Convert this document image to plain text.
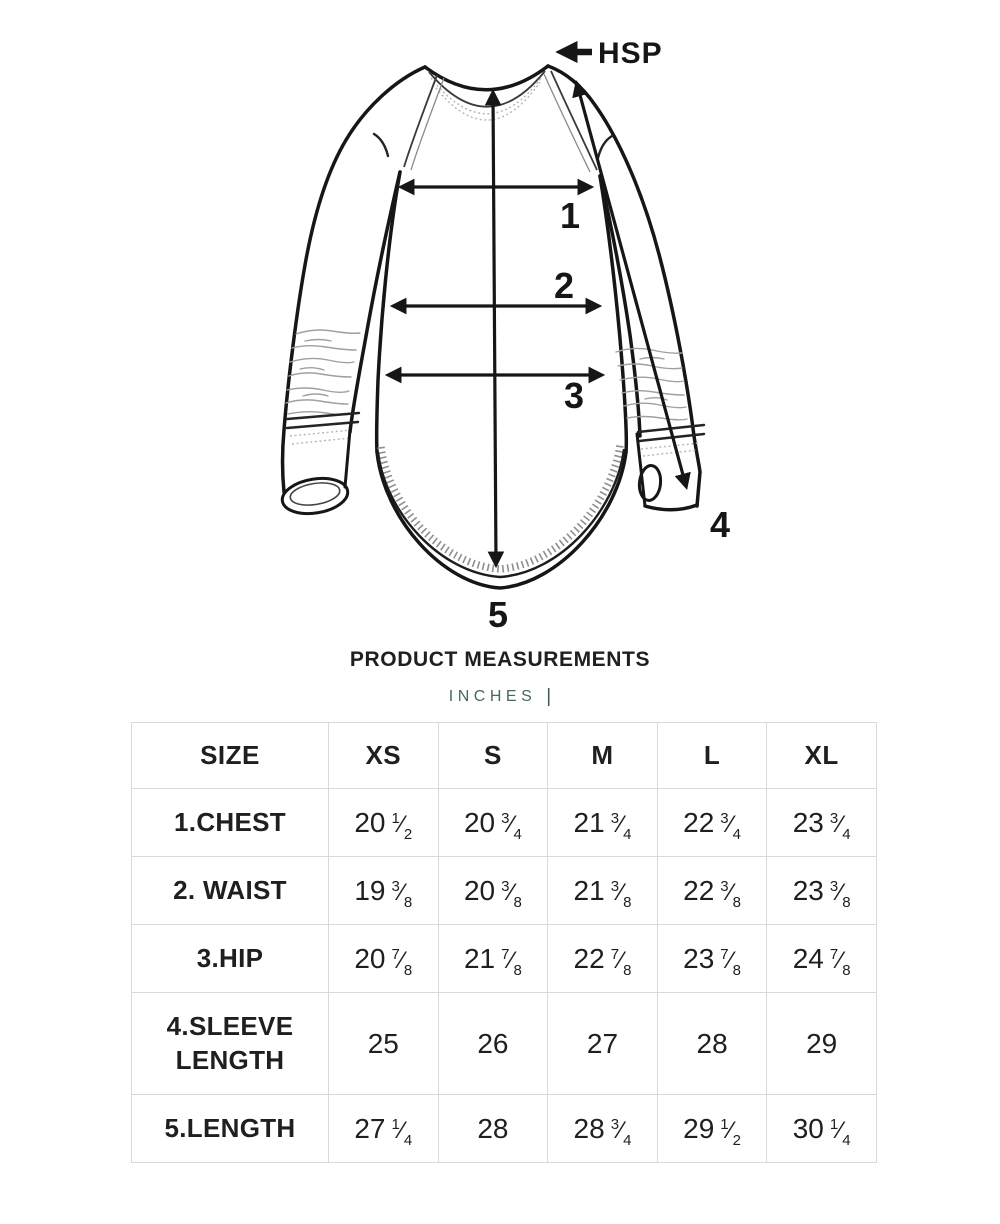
1
2
3
4
5
HSP
PRODUCT MEASUREMENTS
INCHES |
SIZE	XS	S	M	L	XL
1.CHEST	20 $^1⁄_2$	20 $^3⁄_4$	21 $^3⁄_4$	22 $^3⁄_4$	23 $^3⁄_4$
2. WAIST	19 $^3⁄_8$	20 $^3⁄_8$	21 $^3⁄_8$	22 $^3⁄_8$	23 $^3⁄_8$
3.HIP	20 $^7⁄_8$	21 $^7⁄_8$	22 $^7⁄_8$	23 $^7⁄_8$	24 $^7⁄_8$
4.SLEEVE LENGTH	25	26	27	28	29
5.LENGTH	27 $^1⁄_4$	28	28 $^3⁄_4$	29 $^1⁄_2$	30 $^1⁄_4$
